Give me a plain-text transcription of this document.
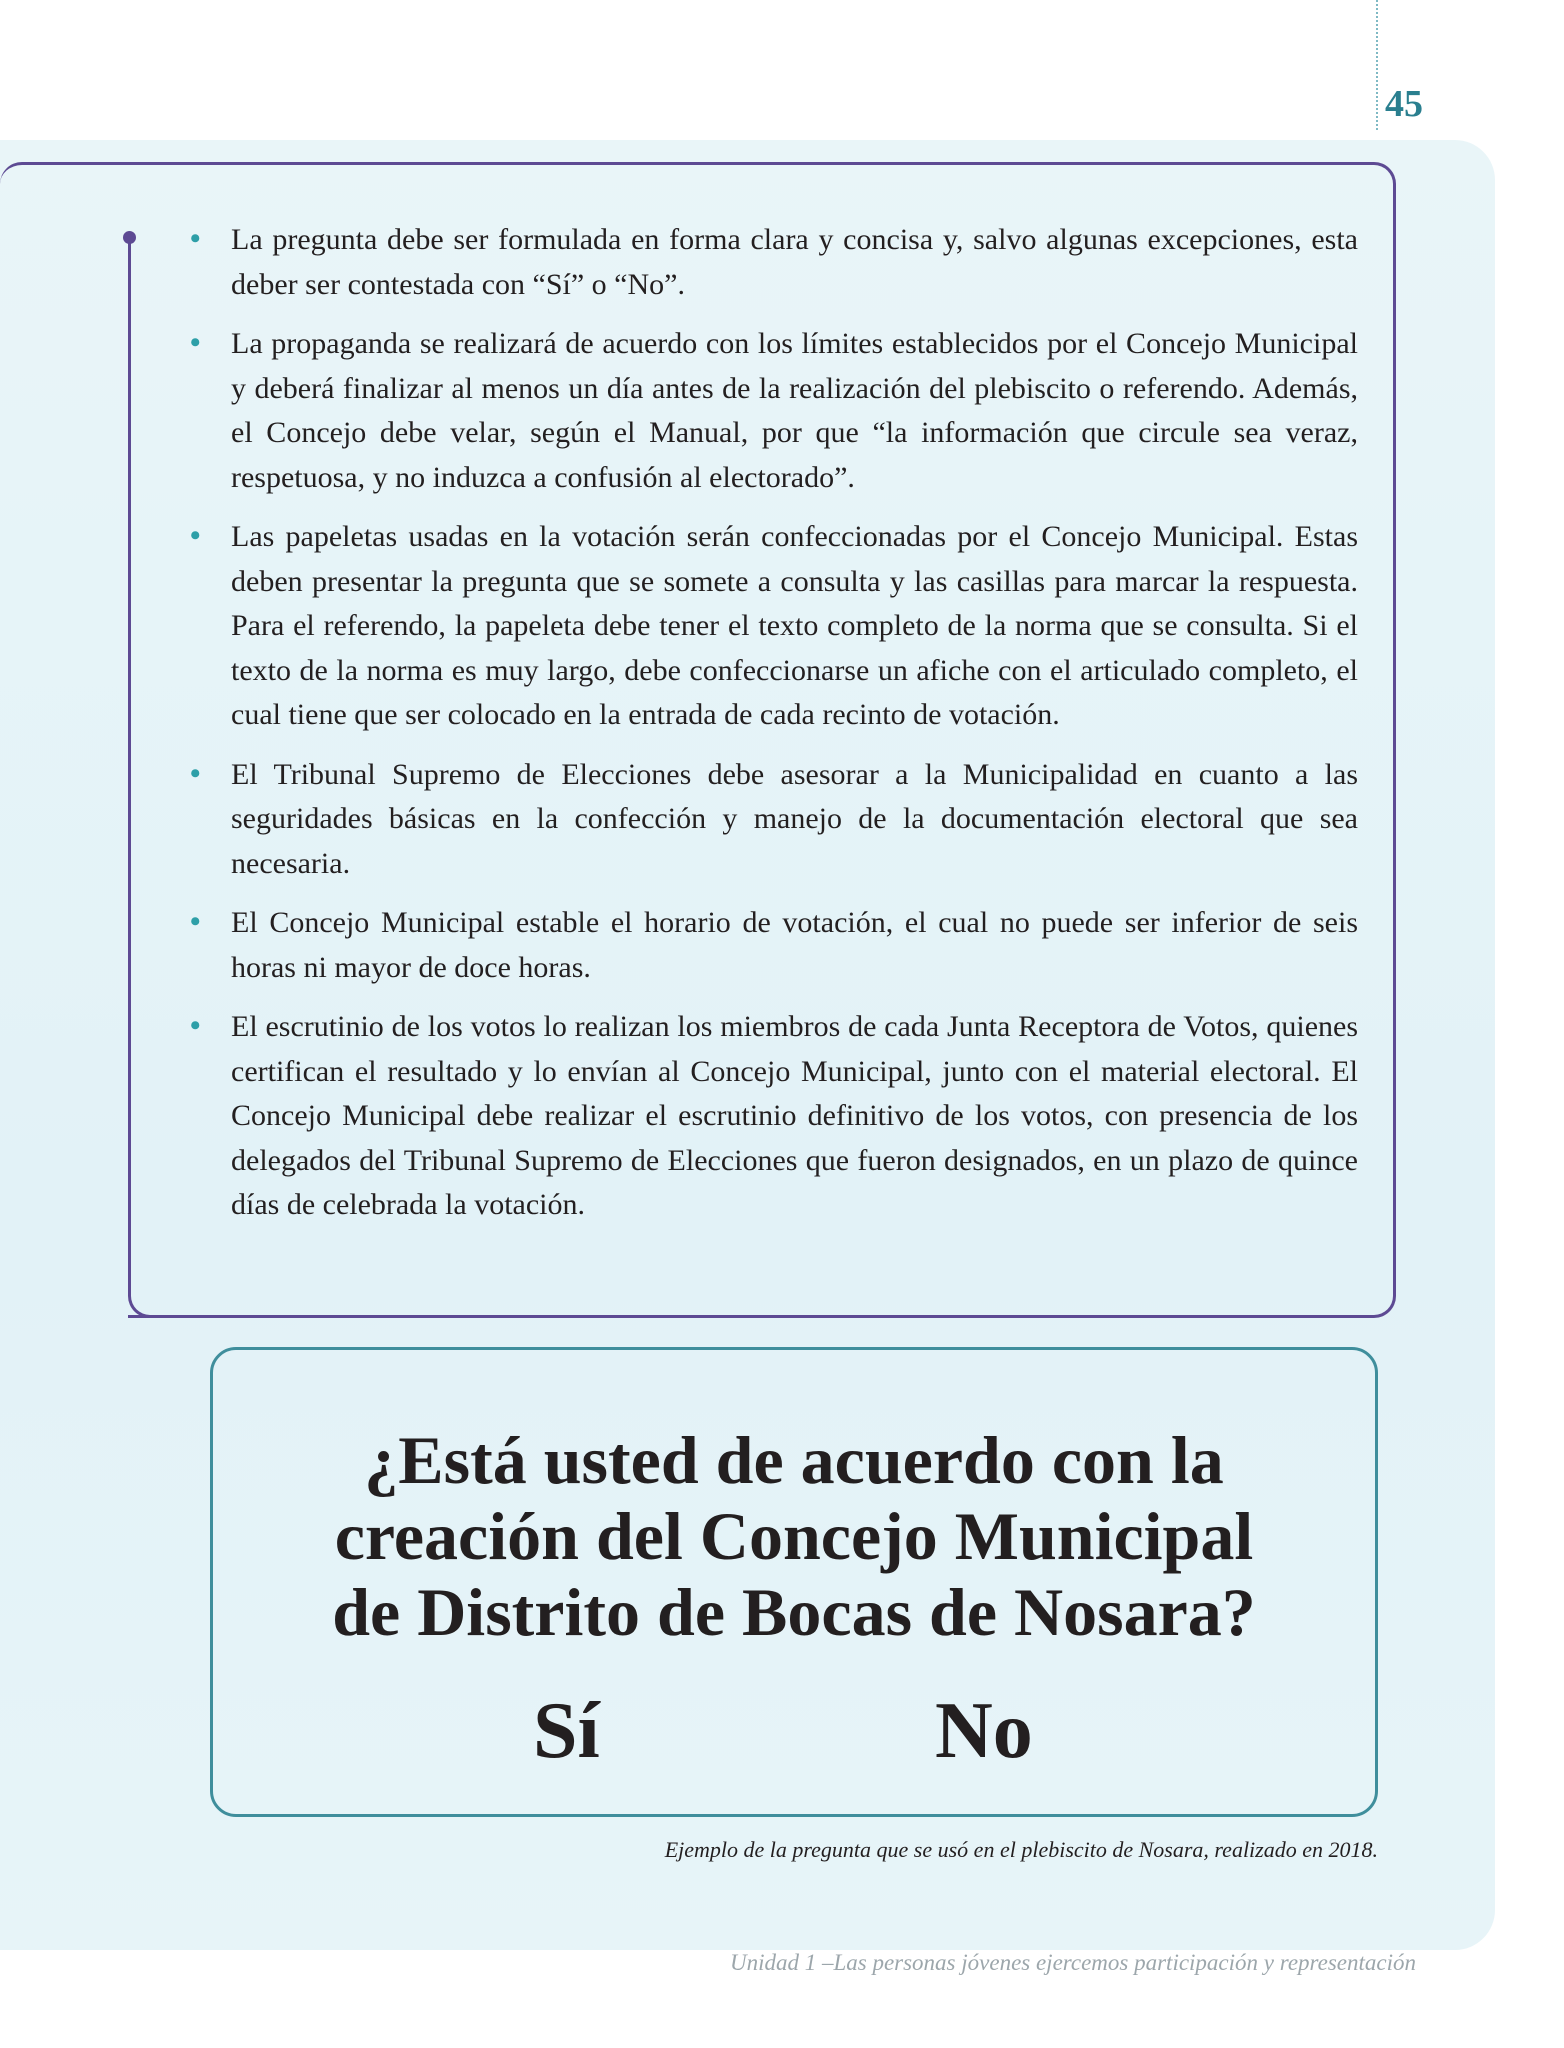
45
• La pregunta debe ser formulada en forma clara y concisa y, salvo algunas excepciones, esta deber ser contestada con “Sí” o “No”.
• La propaganda se realizará de acuerdo con los límites establecidos por el Concejo Municipal y deberá finalizar al menos un día antes de la realización del plebiscito o referendo. Además, el Concejo debe velar, según el Manual, por que “la información que circule sea veraz, respetuosa, y no induzca a confusión al electorado”.
• Las papeletas usadas en la votación serán confeccionadas por el Concejo Municipal. Estas deben presentar la pregunta que se somete a consulta y las casillas para marcar la respuesta. Para el referendo, la papeleta debe tener el texto completo de la norma que se consulta. Si el texto de la norma es muy largo, debe confeccionarse un afiche con el articulado completo, el cual tiene que ser colocado en la entrada de cada recinto de votación.
• El Tribunal Supremo de Elecciones debe asesorar a la Municipalidad en cuanto a las seguridades básicas en la confección y manejo de la documentación electoral que sea necesaria.
• El Concejo Municipal estable el horario de votación, el cual no puede ser inferior de seis horas ni mayor de doce horas.
• El escrutinio de los votos lo realizan los miembros de cada Junta Receptora de Votos, quienes certifican el resultado y lo envían al Concejo Municipal, junto con el material electoral. El Concejo Municipal debe realizar el escrutinio definitivo de los votos, con presencia de los delegados del Tribunal Supremo de Elecciones que fueron designados, en un plazo de quince días de celebrada la votación.
¿Está usted de acuerdo con la
creación del Concejo Municipal
de Distrito de Bocas de Nosara?
Sí	No
Ejemplo de la pregunta que se usó en el plebiscito de Nosara, realizado en 2018.
Unidad 1 –Las personas jóvenes ejercemos participación y representación
